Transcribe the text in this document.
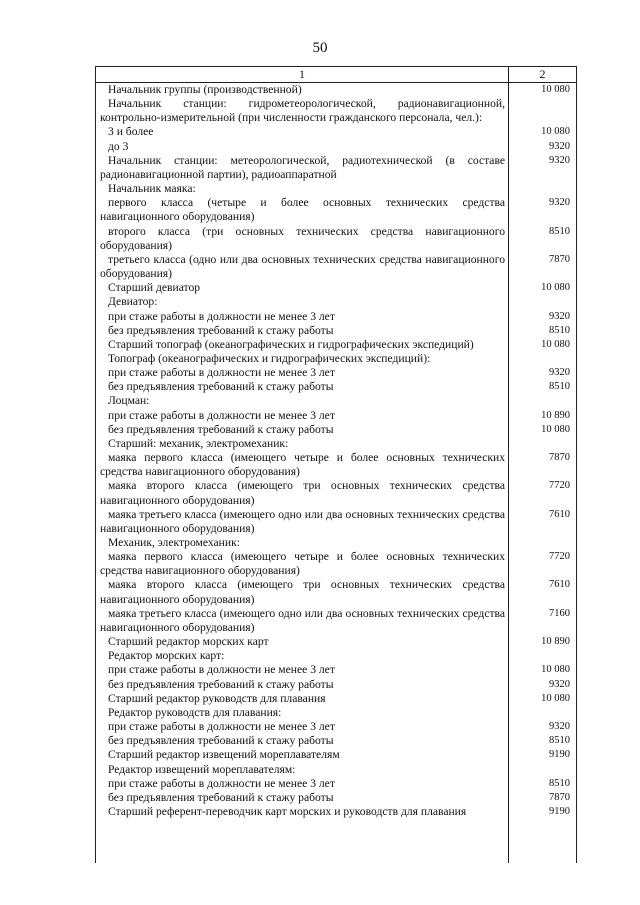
50
1	2
Начальник группы (производственной)
Начальник станции: гидрометеорологической, радионавигационной, контрольно-измерительной (при численности гражданского персонала, чел.):
3 и более
до 3
Начальник станции: метеорологической, радиотехнической (в составе радионавигационной партии), радиоаппаратной
Начальник маяка:
первого класса (четыре и более основных технических средства навигационного оборудования)
второго класса (три основных технических средства навигационного оборудования)
третьего класса (одно или два основных технических средства навигационного оборудования)
Старший девиатор
Девиатор:
при стаже работы в должности не менее 3 лет
без предъявления требований к стажу работы
Старший топограф (океанографических и гидрографических экспедиций)
Топограф (океанографических и гидрографических экспедиций):
при стаже работы в должности не менее 3 лет
без предъявления требований к стажу работы
Лоцман:
при стаже работы в должности не менее 3 лет
без предъявления требований к стажу работы
Старший: механик, электромеханик:
маяка первого класса (имеющего четыре и более основных технических средства навигационного оборудования)
маяка второго класса (имеющего три основных технических средства навигационного оборудования)
маяка третьего класса (имеющего одно или два основных технических средства навигационного оборудования)
Механик, электромеханик:
маяка первого класса (имеющего четыре и более основных технических средства навигационного оборудования)
маяка второго класса (имеющего три основных технических средства навигационного оборудования)
маяка третьего класса (имеющего одно или два основных технических средства навигационного оборудования)
Старший редактор морских карт
Редактор морских карт:
при стаже работы в должности не менее 3 лет
без предъявления требований к стажу работы
Старший редактор руководств для плавания
Редактор руководств для плавания:
при стаже работы в должности не менее 3 лет
без предъявления требований к стажу работы
Старший редактор извещений мореплавателям
Редактор извещений мореплавателям:
при стаже работы в должности не менее 3 лет
без предъявления требований к стажу работы
Старший референт-переводчик карт морских и руководств для плавания
10 080
10 080
9320
9320
9320
8510
7870
10 080
9320
8510
10 080
9320
8510
10 890
10 080
7870
7720
7610
7720
7610
7160
10 890
10 080
9320
10 080
9320
8510
9190
8510
7870
9190
